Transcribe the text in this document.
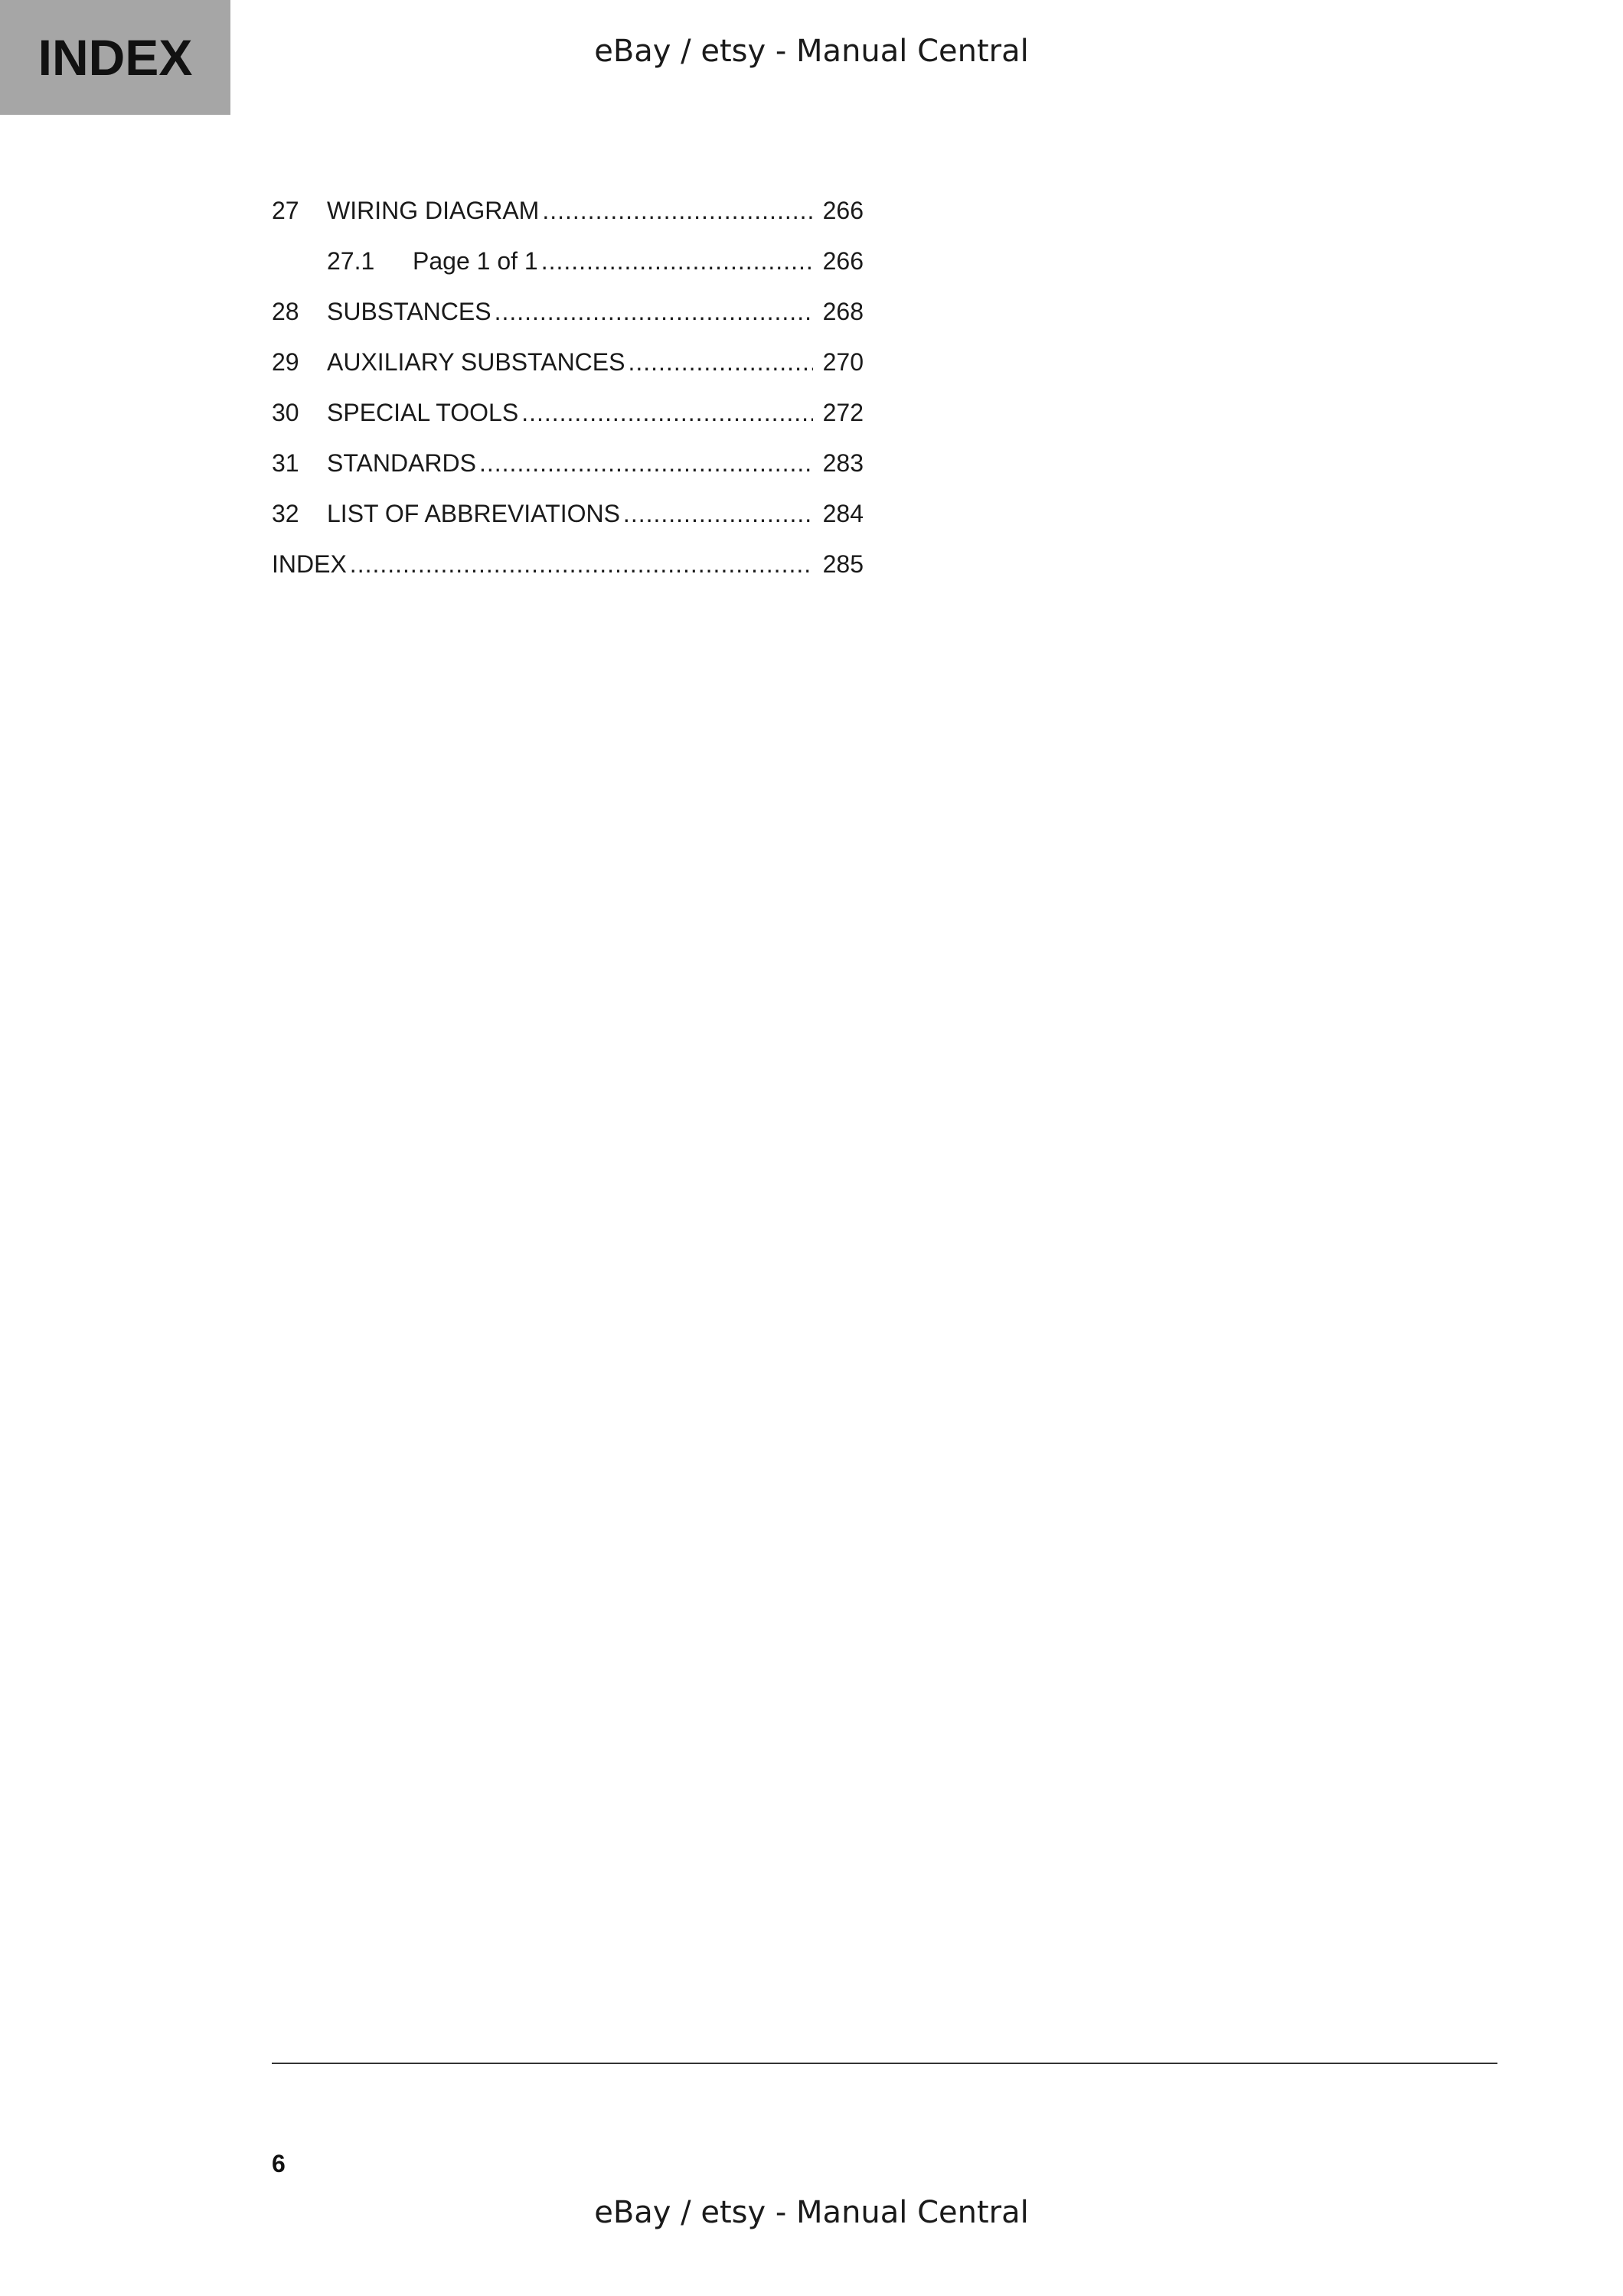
INDEX	eBay / etsy - Manual Central
27	WIRING DIAGRAM .....	266
27.1	Page 1 of 1 .....	266
28	SUBSTANCES .....	268
29	AUXILIARY SUBSTANCES .....	270
30	SPECIAL TOOLS .....	272
31	STANDARDS .....	283
32	LIST OF ABBREVIATIONS .....	284
INDEX .....	285
6
eBay / etsy - Manual Central
